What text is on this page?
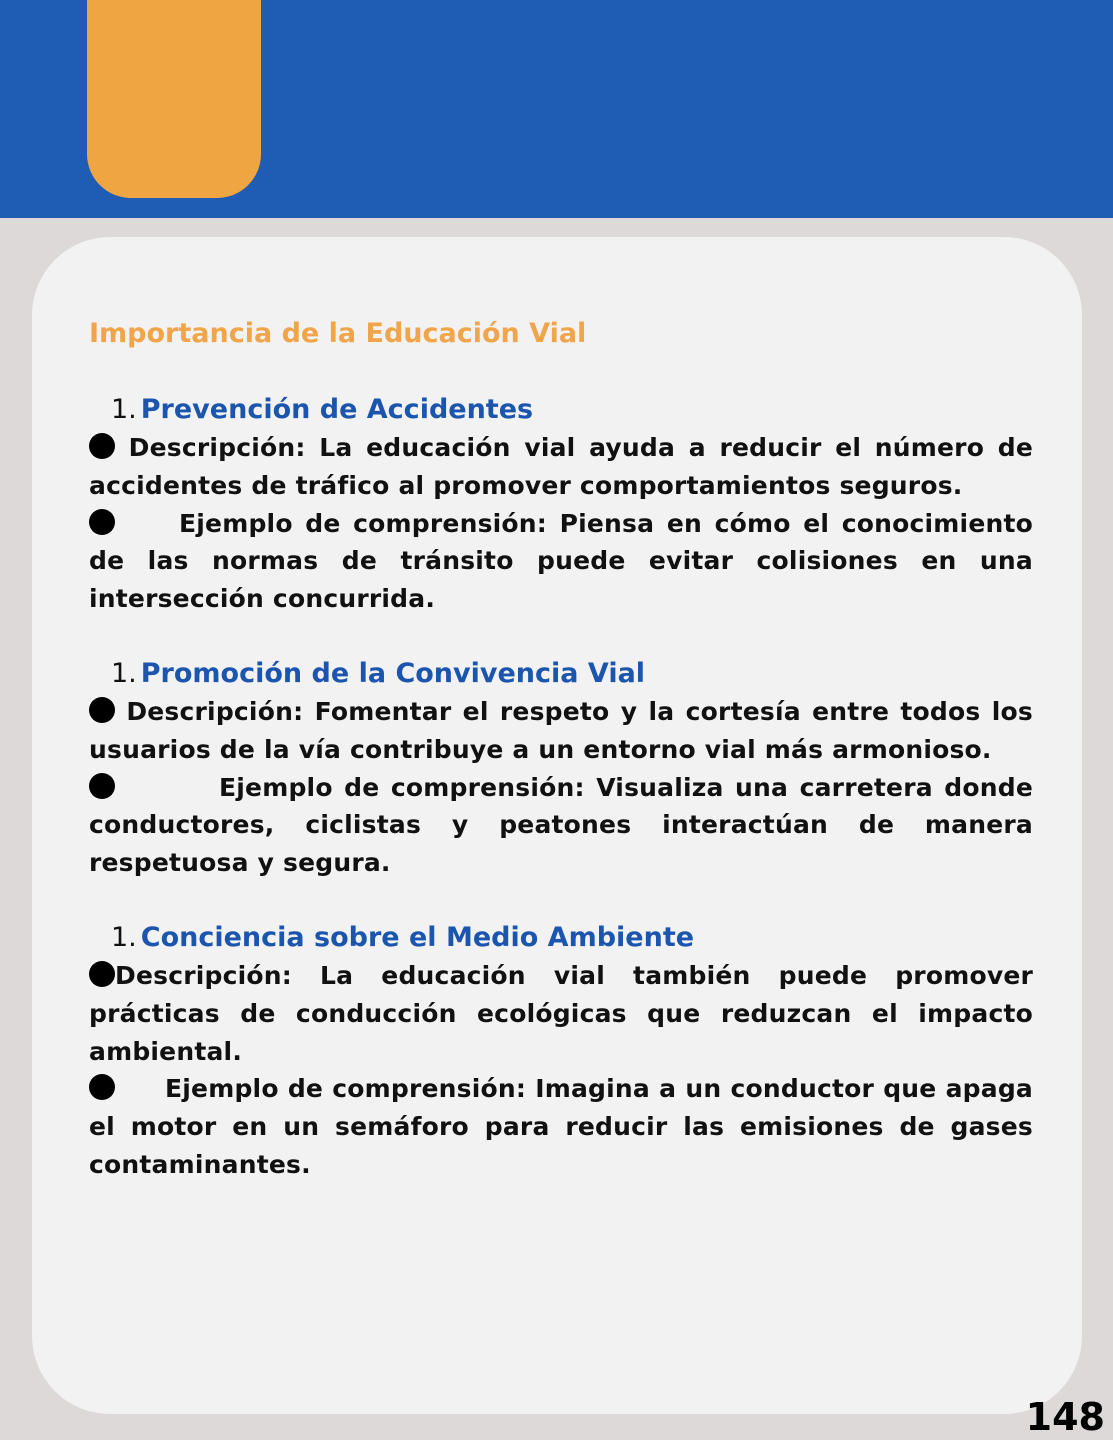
Importancia de la Educación Vial
1. Prevención de Accidentes

Descripción: La educación vial ayuda a reducir el número de accidentes de tráfico al promover comportamientos seguros.

Ejemplo de comprensión: Piensa en cómo el conocimiento de las normas de tránsito puede evitar colisiones en una intersección concurrida.

1. Promoción de la Convivencia Vial

Descripción: Fomentar el respeto y la cortesía entre todos los usuarios de la vía contribuye a un entorno vial más armonioso.

Ejemplo de comprensión: Visualiza una carretera donde conductores, ciclistas y peatones interactúan de manera respetuosa y segura.

1. Conciencia sobre el Medio Ambiente

Descripción: La educación vial también puede promover prácticas de conducción ecológicas que reduzcan el impacto ambiental.

Ejemplo de comprensión: Imagina a un conductor que apaga el motor en un semáforo para reducir las emisiones de gases contaminantes.

148
